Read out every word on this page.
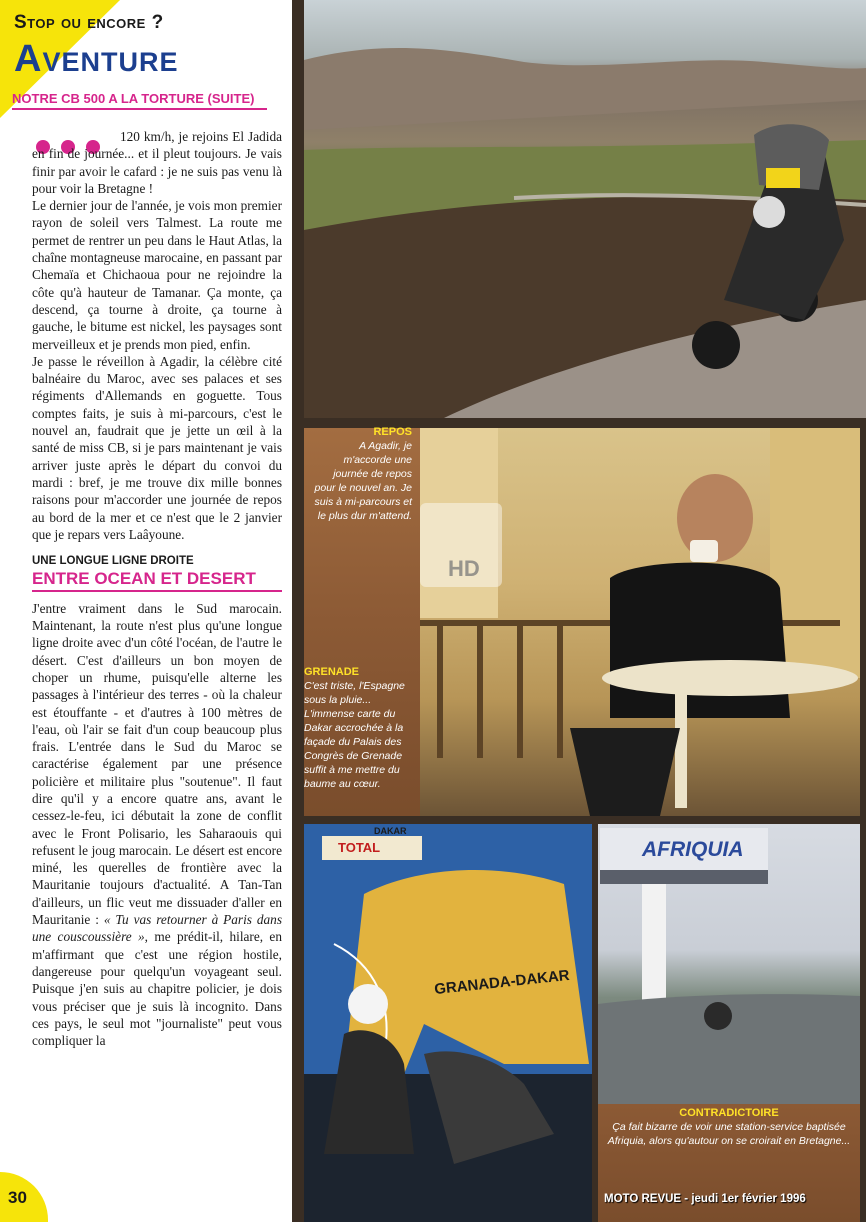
Stop ou encore ?
Aventure
NOTRE CB 500 A LA TORTURE (SUITE)

120 km/h, je rejoins El Jadida en fin de journée... et il pleut toujours. Je vais finir par avoir le cafard : je ne suis pas venu là pour voir la Bretagne !

Le dernier jour de l'année, je vois mon premier rayon de soleil vers Talmest. La route me permet de rentrer un peu dans le Haut Atlas, la chaîne montagneuse marocaine, en passant par Chemaïa et Chichaoua pour ne rejoindre la côte qu'à hauteur de Tamanar. Ça monte, ça descend, ça tourne à droite, ça tourne à gauche, le bitume est nickel, les paysages sont merveilleux et je prends mon pied, enfin.

Je passe le réveillon à Agadir, la célèbre cité balnéaire du Maroc, avec ses palaces et ses régiments d'Allemands en goguette. Tous comptes faits, je suis à mi-parcours, c'est le nouvel an, faudrait que je jette un œil à la santé de miss CB, si je pars maintenant je vais arriver juste après le départ du convoi du mardi : bref, je me trouve dix mille bonnes raisons pour m'accorder une journée de repos au bord de la mer et ce n'est que le 2 janvier que je repars vers Laâyoune.

UNE LONGUE LIGNE DROITE
ENTRE OCEAN ET DESERT

J'entre vraiment dans le Sud marocain. Maintenant, la route n'est plus qu'une longue ligne droite avec d'un côté l'océan, de l'autre le désert. C'est d'ailleurs un bon moyen de choper un rhume, puisqu'elle alterne les passages à l'intérieur des terres - où la chaleur est étouffante - et d'autres à 100 mètres de l'eau, où l'air se fait d'un coup beaucoup plus frais. L'entrée dans le Sud du Maroc se caractérise également par une présence policière et militaire plus "soutenue". Il faut dire qu'il y a encore quatre ans, avant le cessez-le-feu, ici débutait la zone de conflit avec le Front Polisario, les Saharaouis qui refusent le joug marocain. Le désert est encore miné, les querelles de frontière avec la Mauritanie toujours d'actualité. A Tan-Tan d'ailleurs, un flic veut me dissuader d'aller en Mauritanie : « Tu vas retourner à Paris dans une couscoussière », me prédit-il, hilare, en m'affirmant que c'est une région hostile, dangereuse pour quelqu'un voyageant seul. Puisque j'en suis au chapitre policier, je dois vous préciser que je suis là incognito. Dans ces pays, le seul mot "journaliste" peut vous compliquer la

30
REPOS
A Agadir, je m'accorde une journée de repos pour le nouvel an. Je suis à mi-parcours et le plus dur m'attend.
GRENADE
C'est triste, l'Espagne sous la pluie... L'immense carte du Dakar accrochée à la façade du Palais des Congrès de Grenade suffit à me mettre du baume au cœur.
HD
TOTAL
DAKAR
GRANADA-DAKAR
AFRIQUIA
CONTRADICTOIRE
Ça fait bizarre de voir une station-service baptisée Afriquia, alors qu'autour on se croirait en Bretagne...
MOTO REVUE - jeudi 1er février 1996
